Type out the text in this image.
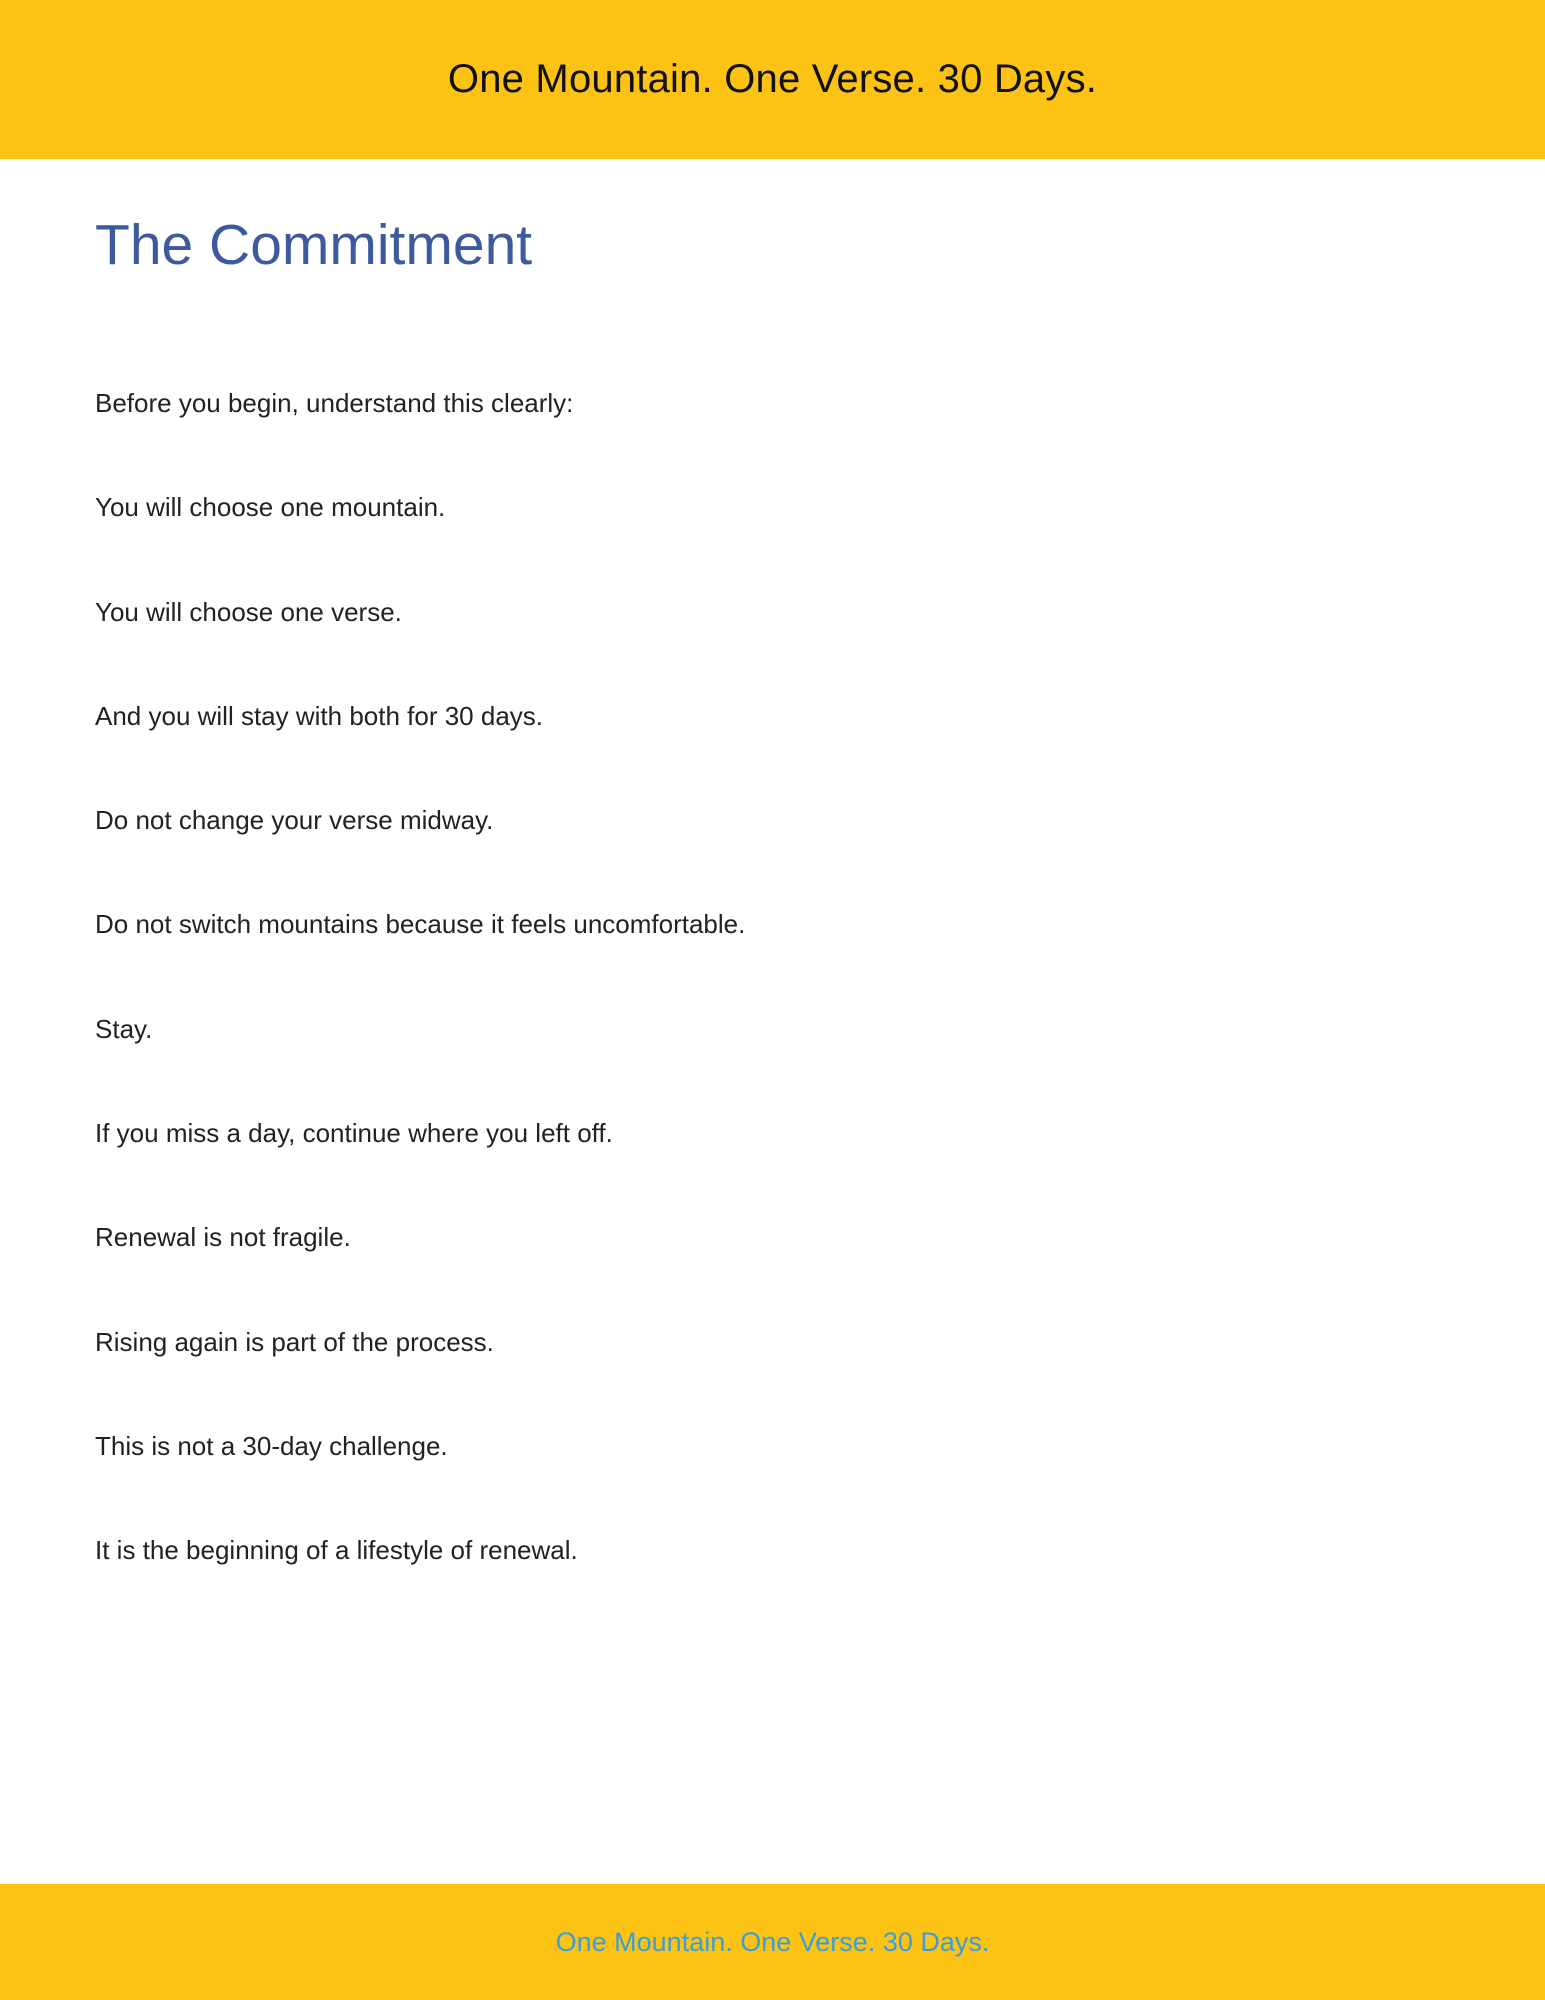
One Mountain. One Verse. 30 Days.
The Commitment
Before you begin, understand this clearly:
You will choose one mountain.
You will choose one verse.
And you will stay with both for 30 days.
Do not change your verse midway.
Do not switch mountains because it feels uncomfortable.
Stay.
If you miss a day, continue where you left off.
Renewal is not fragile.
Rising again is part of the process.
This is not a 30-day challenge.
It is the beginning of a lifestyle of renewal.
One Mountain. One Verse. 30 Days.
